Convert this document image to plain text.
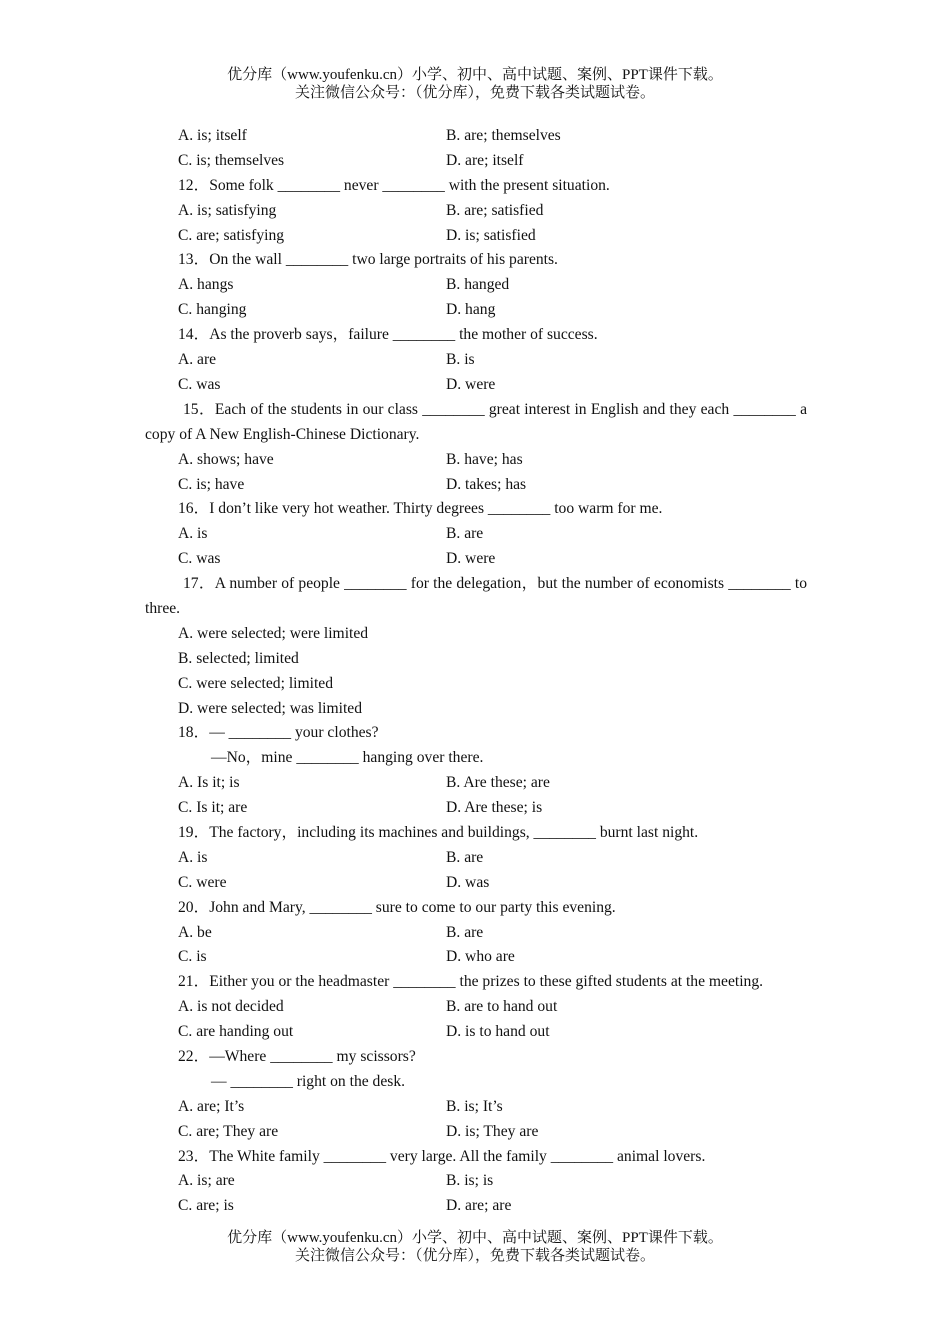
优分库（www.youfenku.cn）小学、初中、高中试题、案例、PPT课件下载。
关注微信公众号：（优分库），免费下载各类试题试卷。
A. is; itself	B. are; themselves
C. is; themselves	D. are; itself
12．Some folk ________ never ________ with the present situation.
A. is; satisfying	B. are; satisfied
C. are; satisfying	D. is; satisfied
13．On the wall ________ two large portraits of his parents.
A. hangs	B. hanged
C. hanging	D. hang
14．As the proverb says，failure ________ the mother of success.
A. are	B. is
C. was	D. were
15．Each of the students in our class ________ great interest in English and they each ________ a copy of A New English-Chinese Dictionary.
A. shows; have	B. have; has
C. is; have	D. takes; has
16．I don’t like very hot weather. Thirty degrees ________ too warm for me.
A. is	B. are
C. was	D. were
17．A number of people ________ for the delegation，but the number of economists ________ to three.
A. were selected; were limited
B. selected; limited
C. were selected; limited
D. were selected; was limited
18．— ________ your clothes?
—No，mine ________ hanging over there.
A. Is it; is	B. Are these; are
C. Is it; are	D. Are these; is
19．The factory，including its machines and buildings, ________ burnt last night.
A. is	B. are
C. were	D. was
20．John and Mary, ________ sure to come to our party this evening.
A. be	B. are
C. is	D. who are
21．Either you or the headmaster ________ the prizes to these gifted students at the meeting.
A. is not decided	B. are to hand out
C. are handing out	D. is to hand out
22．—Where ________ my scissors?
— ________ right on the desk.
A. are; It’s	B. is; It’s
C. are; They are	D. is; They are
23．The White family ________ very large. All the family ________ animal lovers.
A. is; are	B. is; is
C. are; is	D. are; are
优分库（www.youfenku.cn）小学、初中、高中试题、案例、PPT课件下载。
关注微信公众号：（优分库），免费下载各类试题试卷。
